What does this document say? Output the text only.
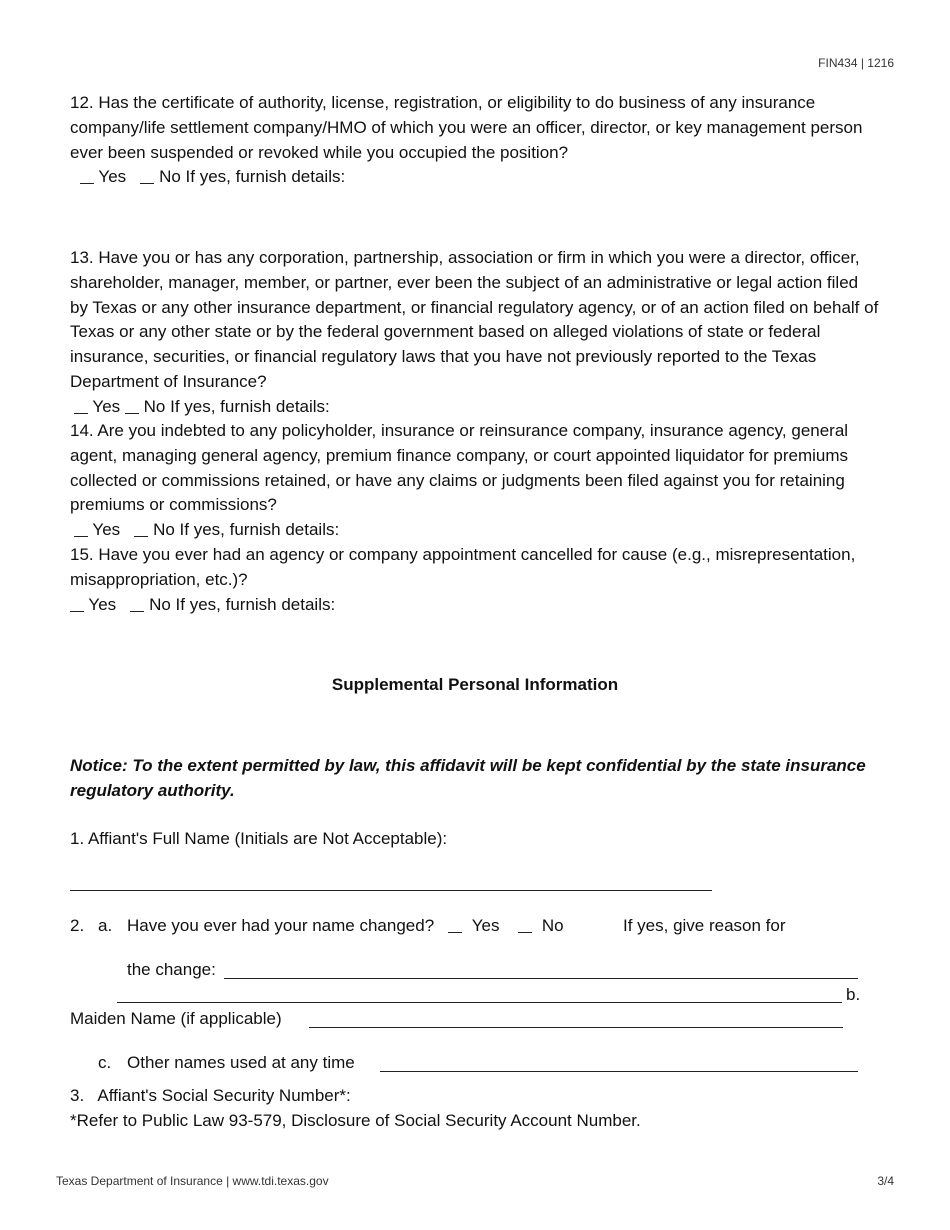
FIN434 | 1216

12. Has the certificate of authority, license, registration, or eligibility to do business of any insurance company/life settlement company/HMO of which you were an officer, director, or key management person ever been suspended or revoked while you occupied the position?

Yes No If yes, furnish details:

13. Have you or has any corporation, partnership, association or firm in which you were a director, officer, shareholder, manager, member, or partner, ever been the subject of an administrative or legal action filed by Texas or any other insurance department, or financial regulatory agency, or of an action filed on behalf of Texas or any other state or by the federal government based on alleged violations of state or federal insurance, securities, or financial regulatory laws that you have not previously reported to the Texas Department of Insurance?

Yes No If yes, furnish details:

14. Are you indebted to any policyholder, insurance or reinsurance company, insurance agency, general agent, managing general agency, premium finance company, or court appointed liquidator for premiums collected or commissions retained, or have any claims or judgments been filed against you for retaining premiums or commissions?

Yes No If yes, furnish details:

15. Have you ever had an agency or company appointment cancelled for cause (e.g., misrepresentation, misappropriation, etc.)?

Yes No If yes, furnish details:
Supplemental Personal Information
Notice: To the extent permitted by law, this affidavit will be kept confidential by the state insurance regulatory authority.
1. Affiant's Full Name (Initials are Not Acceptable):
2. a. Have you ever had your name changed? Yes No	If yes, give reason for
the change:
b.
Maiden Name (if applicable)
c. Other names used at any time
3.   Affiant's Social Security Number*:
*Refer to Public Law 93-579, Disclosure of Social Security Account Number.
Texas Department of Insurance | www.tdi.texas.gov	3/4
